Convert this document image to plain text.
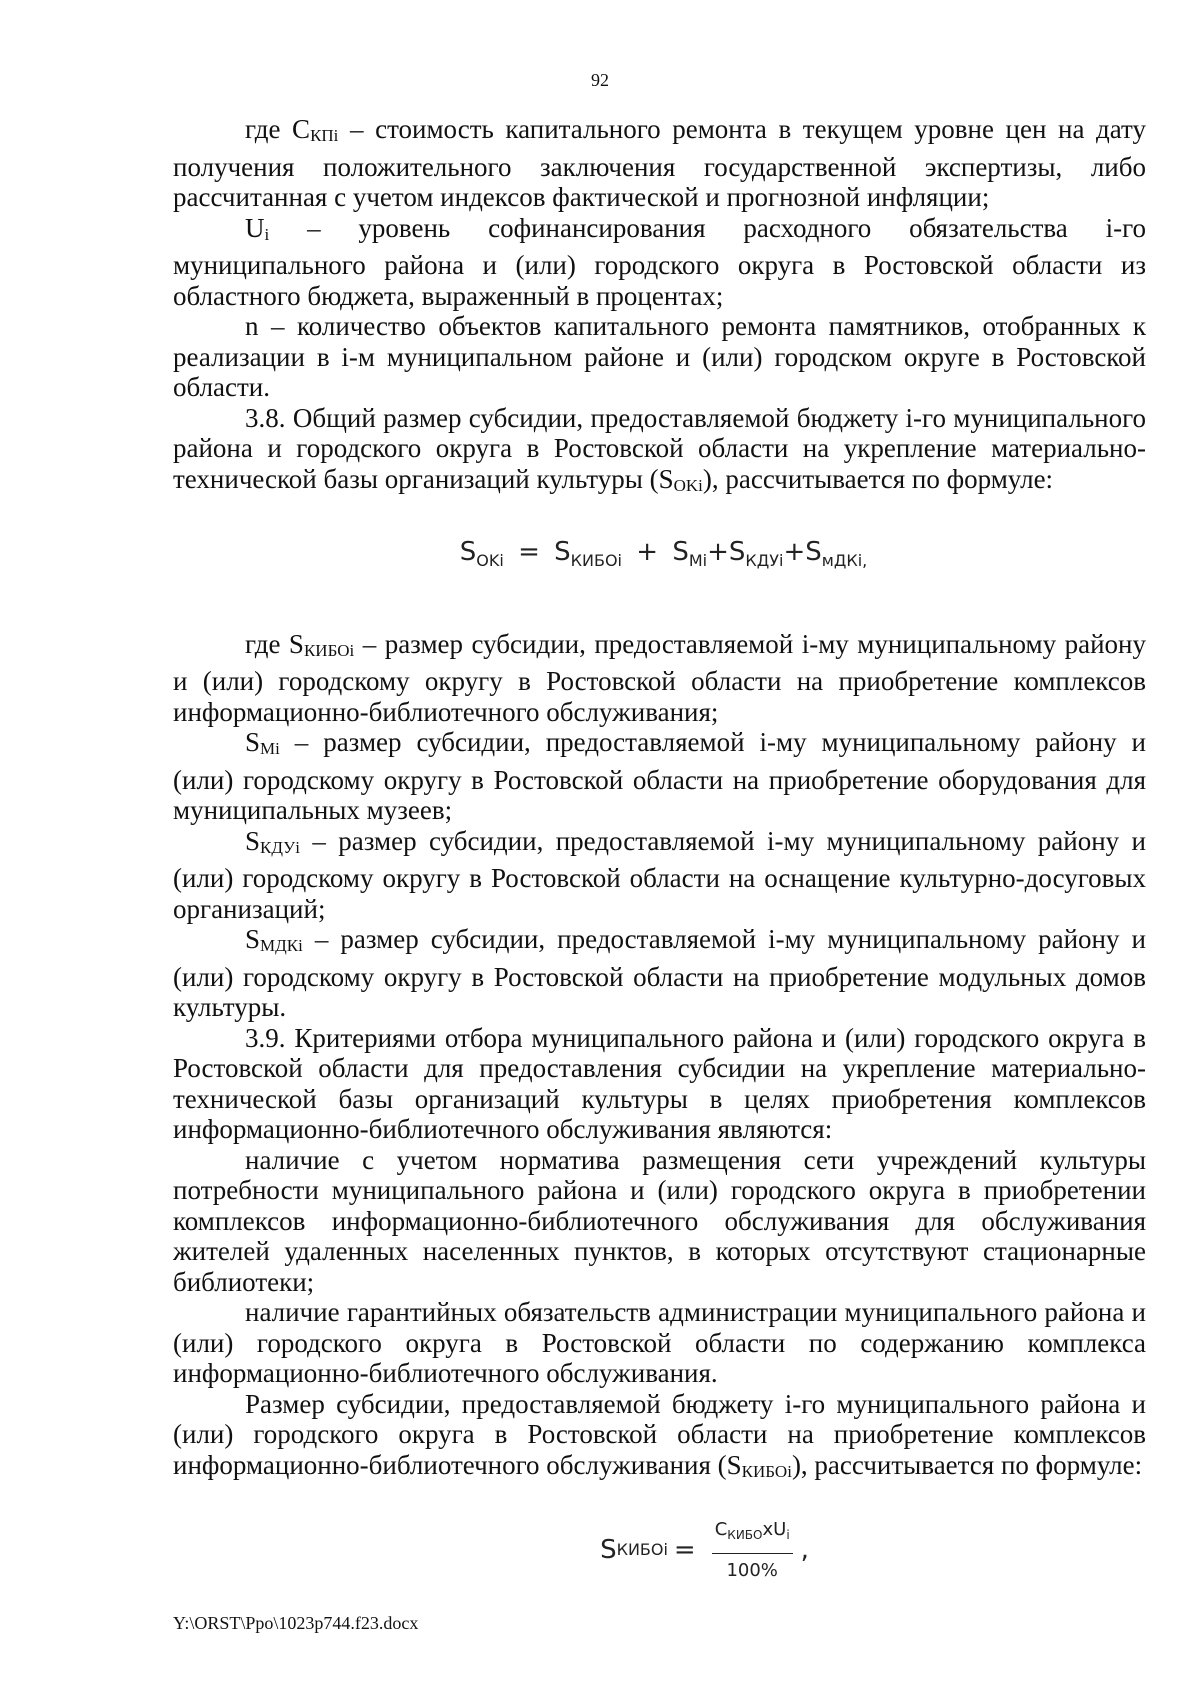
92

где СКПi – стоимость капитального ремонта в текущем уровне цен на дату получения положительного заключения государственной экспертизы, либо рассчитанная с учетом индексов фактической и прогнозной инфляции;

Ui – уровень софинансирования расходного обязательства i-го муниципального района и (или) городского округа в Ростовской области из областного бюджета, выраженный в процентах;

n – количество объектов капитального ремонта памятников, отобранных к реализации в i-м муниципальном районе и (или) городском округе в Ростовской области.

3.8. Общий размер субсидии, предоставляемой бюджету i-го муниципального района и городского округа в Ростовской области на укрепление материально-технической базы организаций культуры (SOKi), рассчитывается по формуле:

$S_{OKi} = S_{КИБОi} + S_{Mi}+S_{КДУi}+S_{мДКi,}$

где SКИБОi – размер субсидии, предоставляемой i-му муниципальному району и (или) городскому округу в Ростовской области на приобретение комплексов информационно-библиотечного обслуживания;

SMi – размер субсидии, предоставляемой i-му муниципальному району и (или) городскому округу в Ростовской области на приобретение оборудования для муниципальных музеев;

SКДУi – размер субсидии, предоставляемой i-му муниципальному району и (или) городскому округу в Ростовской области на оснащение культурно-досуговых организаций;

SМДКi – размер субсидии, предоставляемой i-му муниципальному району и (или) городскому округу в Ростовской области на приобретение модульных домов культуры.

3.9. Критериями отбора муниципального района и (или) городского округа в Ростовской области для предоставления субсидии на укрепление материально-технической базы организаций культуры в целях приобретения комплексов информационно-библиотечного обслуживания являются:

наличие с учетом норматива размещения сети учреждений культуры потребности муниципального района и (или) городского округа в приобретении комплексов информационно-библиотечного обслуживания для обслуживания жителей удаленных населенных пунктов, в которых отсутствуют стационарные библиотеки;

наличие гарантийных обязательств администрации муниципального района и (или) городского округа в Ростовской области по содержанию комплекса информационно-библиотечного обслуживания.

Размер субсидии, предоставляемой бюджету i-го муниципального района и (или) городского округа в Ростовской области на приобретение комплексов информационно-библиотечного обслуживания (SКИБОi), рассчитывается по формуле:

S КИБОi = $\frac{C_{КИБО}xU_i}{100\%}$ ,
Y:\ORST\Ppo\1023p744.f23.docx
